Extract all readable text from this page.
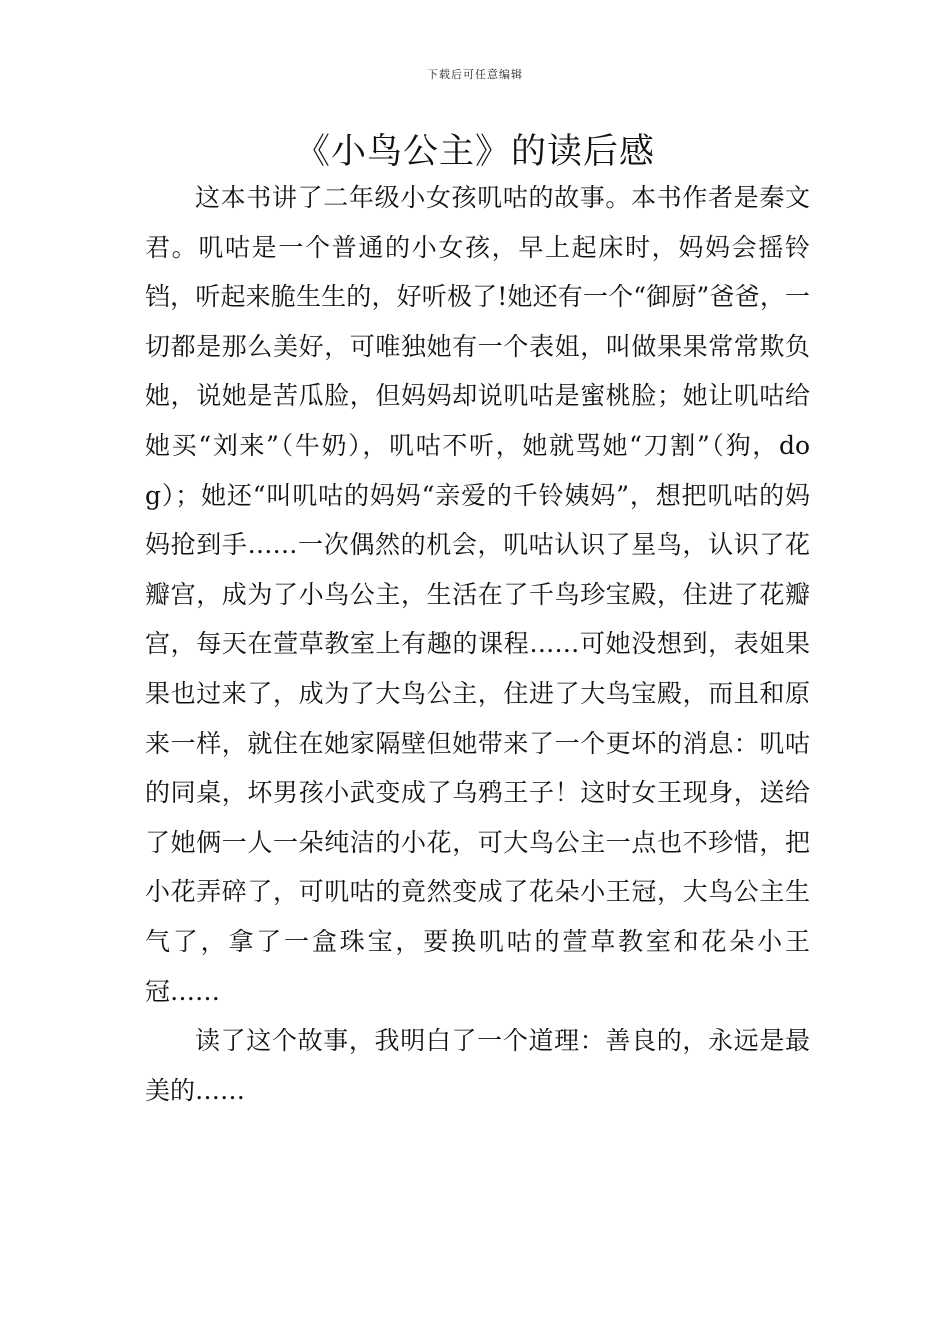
下载后可任意编辑
《小鸟公主》的读后感

这本书讲了二年级小女孩叽咕的故事。本书作者是秦文君。叽咕是一个普通的小女孩，早上起床时，妈妈会摇铃铛，听起来脆生生的，好听极了!她还有一个“御厨”爸爸，一切都是那么美好，可唯独她有一个表姐，叫做果果常常欺负她，说她是苦瓜脸，但妈妈却说叽咕是蜜桃脸；她让叽咕给她买“刘来”（牛奶），叽咕不听，她就骂她“刀割”（狗，dog）；她还“叫叽咕的妈妈“亲爱的千铃姨妈”，想把叽咕的妈妈抢到手……一次偶然的机会，叽咕认识了星鸟，认识了花瓣宫，成为了小鸟公主，生活在了千鸟珍宝殿，住进了花瓣宫，每天在萱草教室上有趣的课程……可她没想到，表姐果果也过来了，成为了大鸟公主，住进了大鸟宝殿，而且和原来一样，就住在她家隔壁但她带来了一个更坏的消息：叽咕的同桌，坏男孩小武变成了乌鸦王子！这时女王现身，送给了她俩一人一朵纯洁的小花，可大鸟公主一点也不珍惜，把小花弄碎了，可叽咕的竟然变成了花朵小王冠，大鸟公主生气了，拿了一盒珠宝，要换叽咕的萱草教室和花朵小王冠……

读了这个故事，我明白了一个道理：善良的，永远是最美的……
